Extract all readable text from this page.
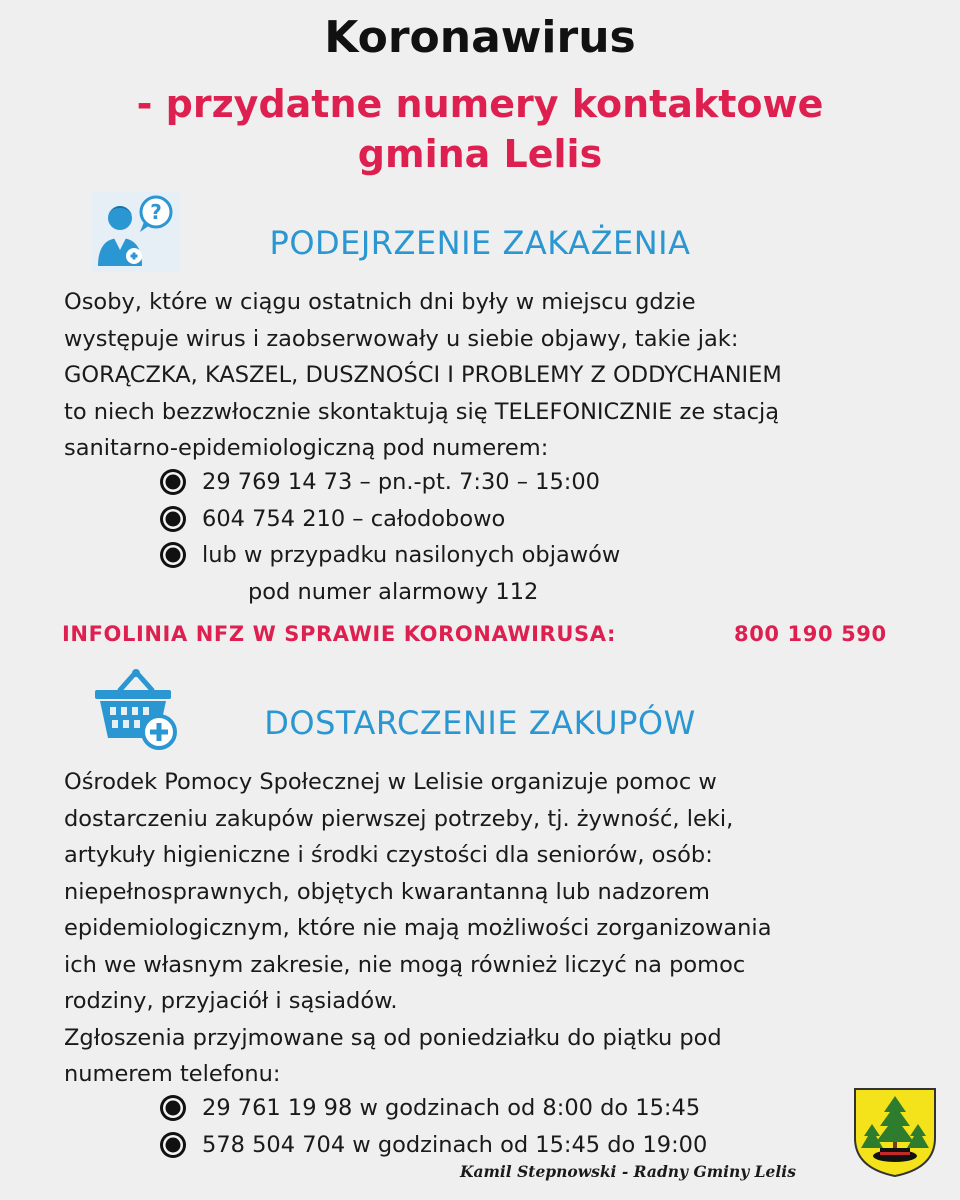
Koronawirus
- przydatne numery kontaktowe
gmina Lelis
?
PODEJRZENIE ZAKAŻENIA
Osoby, które w ciągu ostatnich dni były w miejscu gdzie
występuje wirus i zaobserwowały u siebie objawy, takie jak:
GORĄCZKA, KASZEL, DUSZNOŚCI I PROBLEMY Z ODDYCHANIEM
to niech bezzwłocznie skontaktują się TELEFONICZNIE ze stacją
sanitarno-epidemiologiczną pod numerem:
29 769 14 73 – pn.-pt. 7:30 – 15:00
604 754 210 – całodobowo
lub w przypadku nasilonych objawów
pod numer alarmowy 112
INFOLINIA NFZ W SPRAWIE KORONAWIRUSA:	800 190 590
DOSTARCZENIE ZAKUPÓW
Ośrodek Pomocy Społecznej w Lelisie organizuje pomoc w
dostarczeniu zakupów pierwszej potrzeby, tj. żywność, leki,
artykuły higieniczne i środki czystości dla seniorów, osób:
niepełnosprawnych, objętych kwarantanną lub nadzorem
epidemiologicznym, które nie mają możliwości zorganizowania
ich we własnym zakresie, nie mogą również liczyć na pomoc
rodziny, przyjaciół i sąsiadów.
Zgłoszenia przyjmowane są od poniedziałku do piątku pod
numerem telefonu:
29 761 19 98 w godzinach od 8:00 do 15:45
578 504 704 w godzinach od 15:45 do 19:00
Kamil Stepnowski - Radny Gminy Lelis
